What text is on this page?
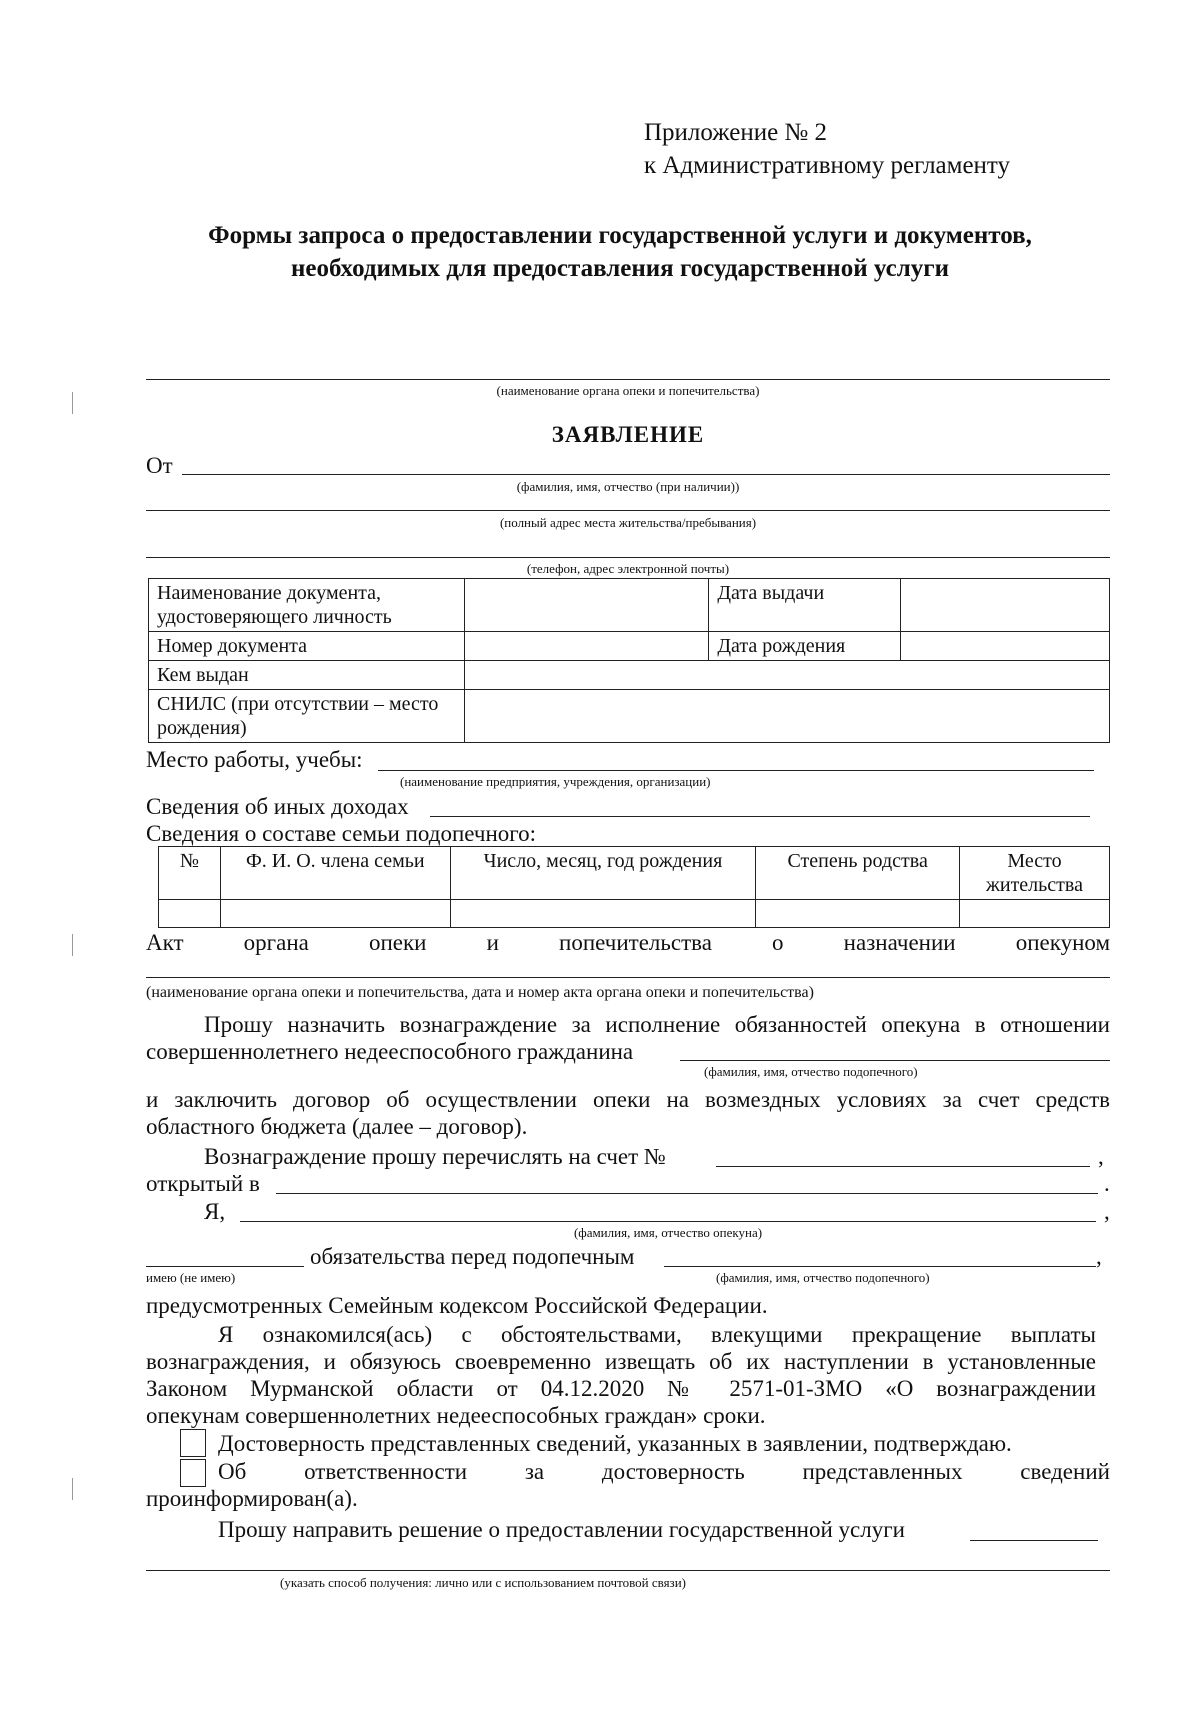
Приложение № 2
к Административному регламенту
Формы запроса о предоставлении государственной услуги и документов,
необходимых для предоставления государственной услуги
(наименование органа опеки и попечительства)
ЗАЯВЛЕНИЕ
От
(фамилия, имя, отчество (при наличии))
(полный адрес места жительства/пребывания)
(телефон, адрес электронной почты)
Наименование документа, удостоверяющего личность		Дата выдачи	
Номер документа		Дата рождения	
Кем выдан			
СНИЛС (при отсутствии – место рождения)			
Место работы, учебы:
(наименование предприятия, учреждения, организации)
Сведения об иных доходах
Сведения о составе семьи подопечного:
№	Ф. И. О. члена семьи	Число, месяц, год рождения	Степень родства	Место жительства

Акт	органа	опеки	и	попечительства	о	назначении	опекуном
(наименование органа опеки и попечительства, дата и номер акта органа опеки и попечительства)
Прошу назначить вознаграждение за исполнение обязанностей опекуна в отношении
совершеннолетнего недееспособного гражданина
(фамилия, имя, отчество подопечного)
и заключить договор об осуществлении опеки на возмездных условиях за счет средств
областного бюджета (далее – договор).
Вознаграждение прошу перечислять на счет №	,
открытый в	.
Я,	,
(фамилия, имя, отчество опекуна)
обязательства перед подопечным	,
имею (не имею)	(фамилия, имя, отчество подопечного)
предусмотренных Семейным кодексом Российской Федерации.
Я ознакомился(ась) с обстоятельствами, влекущими прекращение выплаты
вознаграждения, и обязуюсь своевременно извещать об их наступлении в установленные
Законом Мурманской области от 04.12.2020 № 2571-01-ЗМО «О вознаграждении
опекунам совершеннолетних недееспособных граждан» сроки.
Достоверность представленных сведений, указанных в заявлении, подтверждаю.
Об	ответственности	за	достоверность	представленных	сведений
проинформирован(а).
Прошу направить решение о предоставлении государственной услуги
(указать способ получения: лично или с использованием почтовой связи)
